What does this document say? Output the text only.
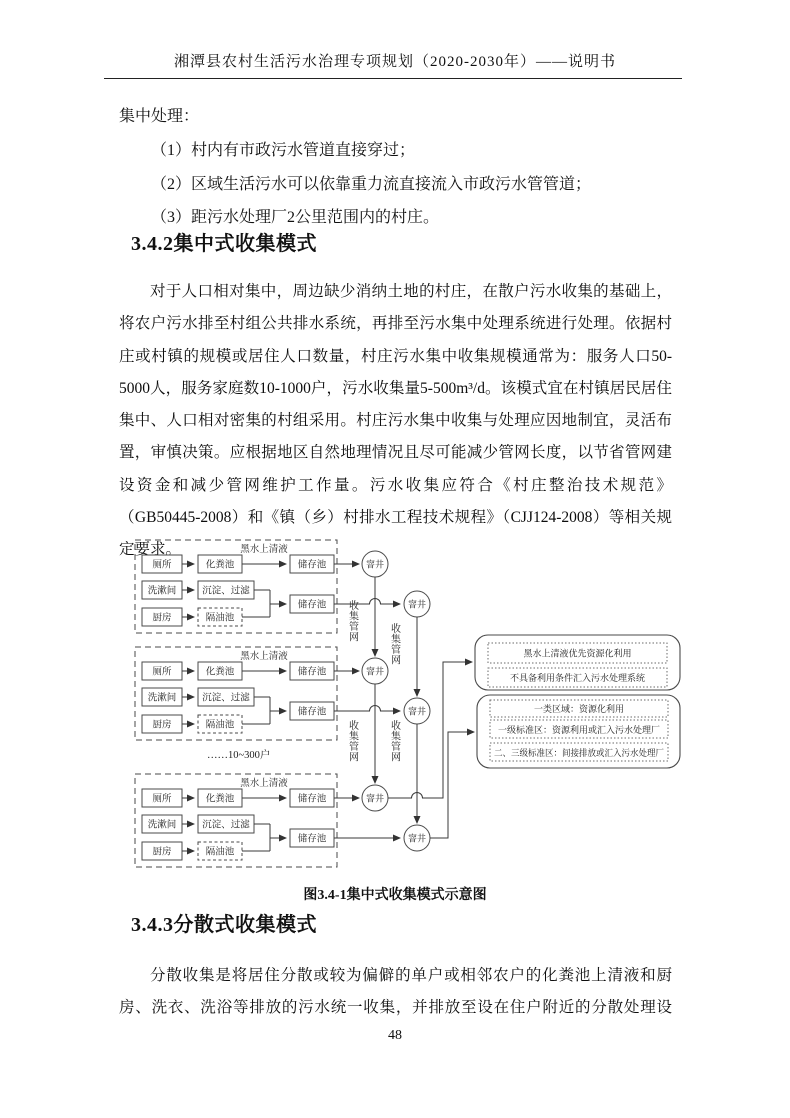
湘潭县农村生活污水治理专项规划（2020-2030年）——说明书
集中处理：
（1）村内有市政污水管道直接穿过；
（2）区域生活污水可以依靠重力流直接流入市政污水管管道；
（3）距污水处理厂2公里范围内的村庄。
3.4.2集中式收集模式
对于人口相对集中，周边缺少消纳土地的村庄，在散户污水收集的基础上，将农户污水排至村组公共排水系统，再排至污水集中处理系统进行处理。依据村庄或村镇的规模或居住人口数量，村庄污水集中收集规模通常为：服务人口50-5000人，服务家庭数10-1000户，污水收集量5-500m³/d。该模式宜在村镇居民居住集中、人口相对密集的村组采用。村庄污水集中收集与处理应因地制宜，灵活布置，审慎决策。应根据地区自然地理情况且尽可能减少管网长度，以节省管网建设资金和减少管网维护工作量。污水收集应符合《村庄整治技术规范》（GB50445-2008）和《镇（乡）村排水工程技术规程》（CJJ124-2008）等相关规定要求。
厕所	化粪池	储存池
洗漱间	沉淀、过滤
厨房	隔油池
储存池
黑水上清液
厕所	化粪池	储存池
洗漱间	沉淀、过滤
厨房	隔油池
储存池
黑水上清液
厕所	化粪池	储存池
洗漱间	沉淀、过滤
厨房	隔油池
储存池
黑水上清液
……10~300户
窨井
窨井
窨井
窨井
窨井
窨井
收集管网
收集管网
收集管网
收集管网
黑水上清液优先资源化利用
不具备利用条件汇入污水处理系统
一类区域：资源化利用
一级标准区：资源利用或汇入污水处理厂
二、三级标准区：间接排放或汇入污水处理厂
图3.4-1集中式收集模式示意图
3.4.3分散式收集模式
分散收集是将居住分散或较为偏僻的单户或相邻农户的化粪池上清液和厨房、洗衣、洗浴等排放的污水统一收集，并排放至设在住户附近的分散处理设
48
